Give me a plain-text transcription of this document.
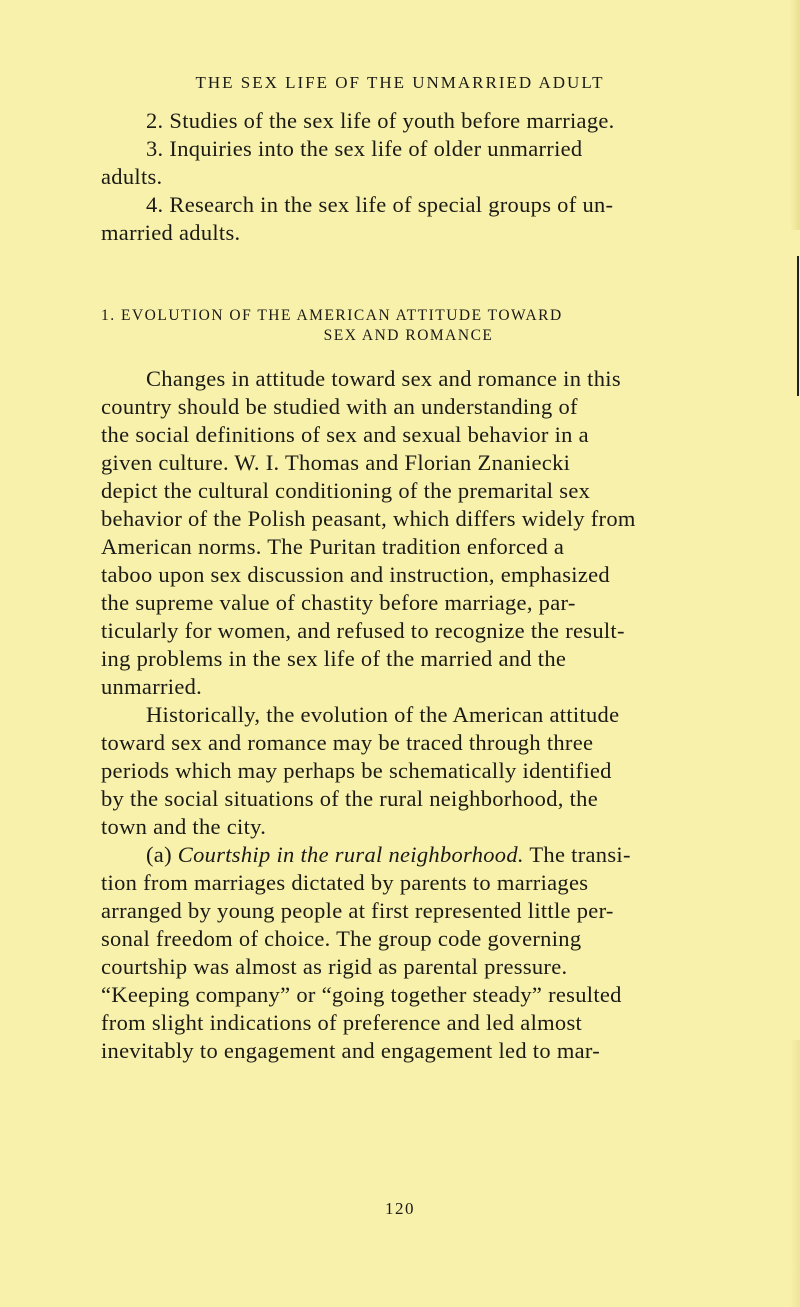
THE SEX LIFE OF THE UNMARRIED ADULT
2. Studies of the sex life of youth before marriage.
3. Inquiries into the sex life of older unmarried
adults.
4. Research in the sex life of special groups of un-
married adults.
1. EVOLUTION OF THE AMERICAN ATTITUDE TOWARD
SEX AND ROMANCE
Changes in attitude toward sex and romance in this
country should be studied with an understanding of
the social definitions of sex and sexual behavior in a
given culture. W. I. Thomas and Florian Znaniecki
depict the cultural conditioning of the premarital sex
behavior of the Polish peasant, which differs widely from
American norms. The Puritan tradition enforced a
taboo upon sex discussion and instruction, emphasized
the supreme value of chastity before marriage, par-
ticularly for women, and refused to recognize the result-
ing problems in the sex life of the married and the
unmarried.
Historically, the evolution of the American attitude
toward sex and romance may be traced through three
periods which may perhaps be schematically identified
by the social situations of the rural neighborhood, the
town and the city.
(a) Courtship in the rural neighborhood. The transi-
tion from marriages dictated by parents to marriages
arranged by young people at first represented little per-
sonal freedom of choice. The group code governing
courtship was almost as rigid as parental pressure.
“Keeping company” or “going together steady” resulted
from slight indications of preference and led almost
inevitably to engagement and engagement led to mar-
120
